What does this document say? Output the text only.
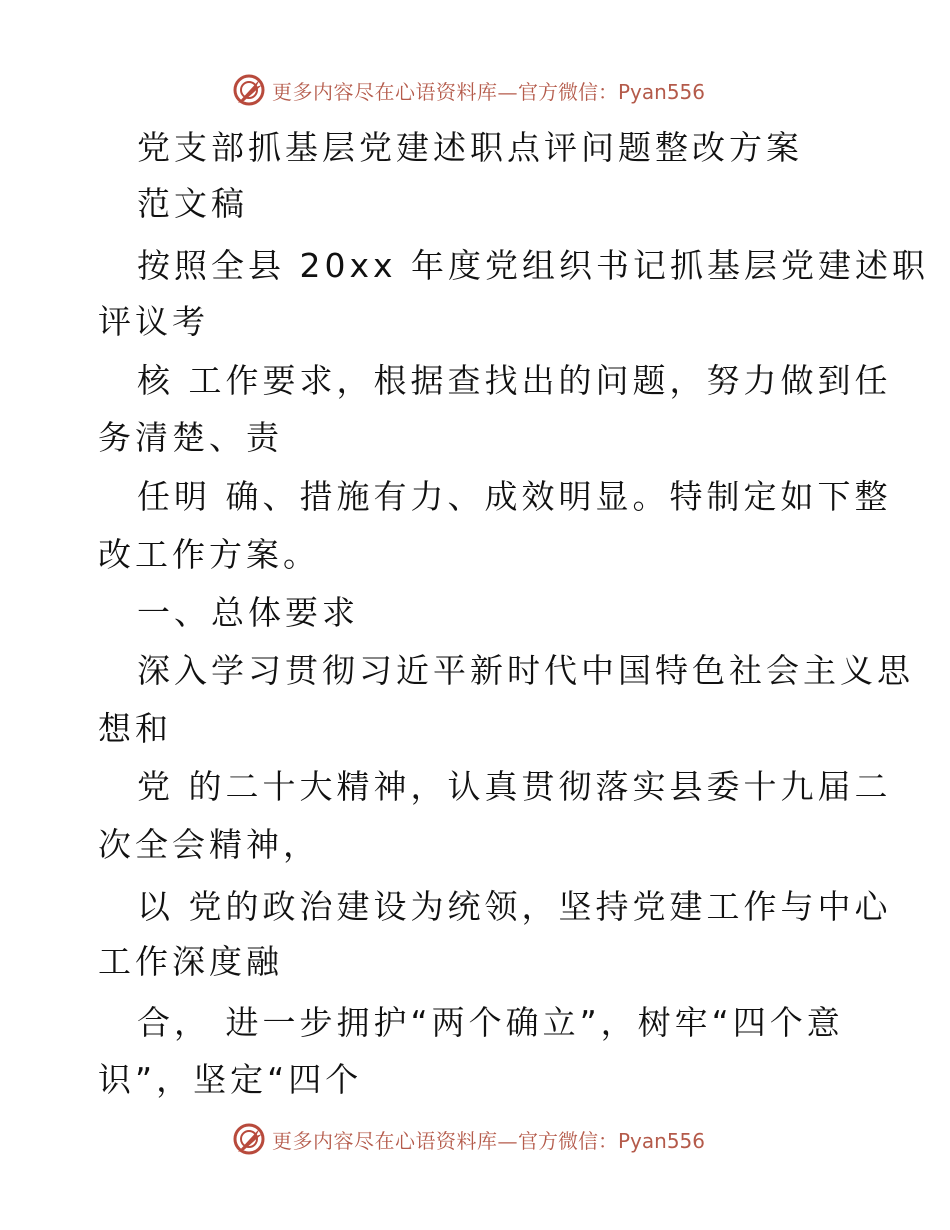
更多内容尽在心语资料库— 官方微信：Pyan556
党支部抓基层党建述职点评问题整改方案
范文稿
按照全县 20xx 年度党组织书记抓基层党建述职
评议考
核 工作要求，根据查找出的问题，努力做到任
务清楚、责
任明 确、措施有力、成效明显。特制定如下整
改工作方案。
一、总体要求
深入学习贯彻习近平新时代中国特色社会主义思
想和
党 的二十大精神，认真贯彻落实县委十九届二
次全会精神，
以 党的政治建设为统领，坚持党建工作与中心
工作深度融
合， 进一步拥护“两个确立”，树牢“四个意
识”，坚定“四个
更多内容尽在心语资料库— 官方微信：Pyan556
